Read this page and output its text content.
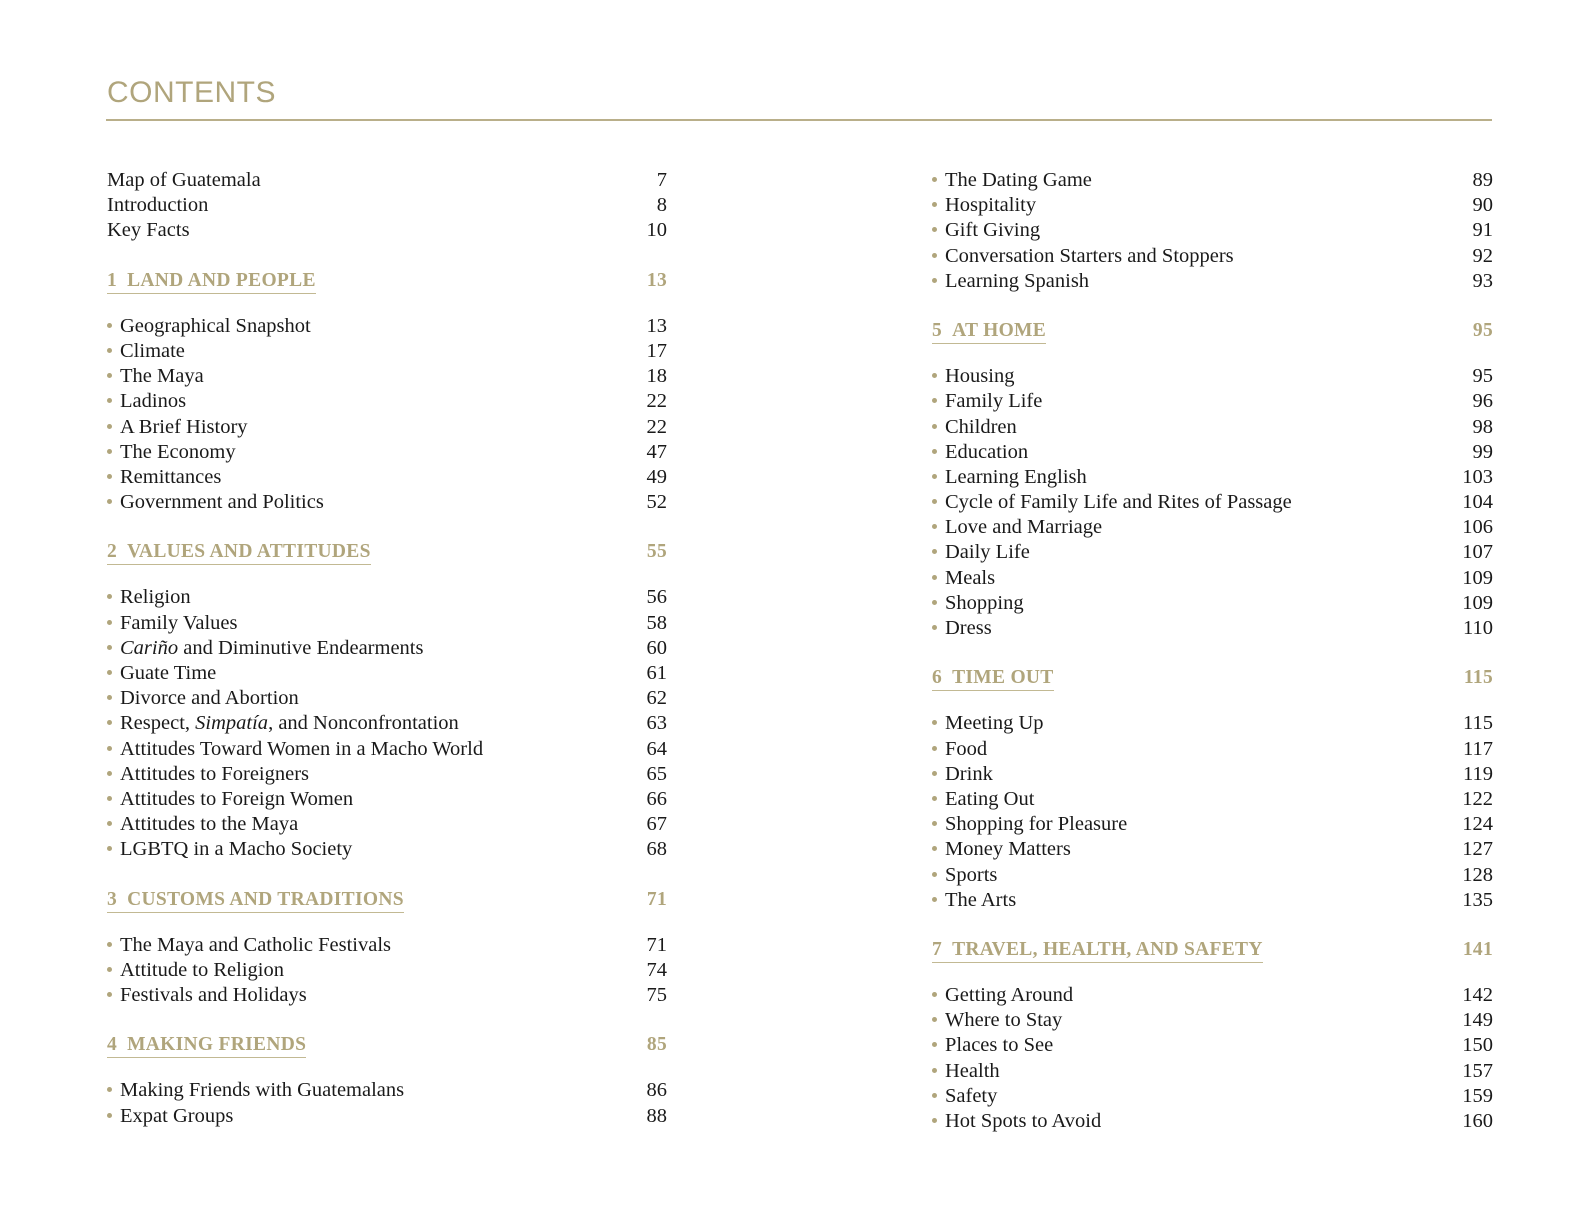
CONTENTS
Map of Guatemala	7
Introduction	8
Key Facts	10
1 LAND AND PEOPLE	13
Geographical Snapshot	13
Climate	17
The Maya	18
Ladinos	22
A Brief History	22
The Economy	47
Remittances	49
Government and Politics	52
2 VALUES AND ATTITUDES	55
Religion	56
Family Values	58
Cariño and Diminutive Endearments	60
Guate Time	61
Divorce and Abortion	62
Respect, Simpatía, and Nonconfrontation	63
Attitudes Toward Women in a Macho World	64
Attitudes to Foreigners	65
Attitudes to Foreign Women	66
Attitudes to the Maya	67
LGBTQ in a Macho Society	68
3 CUSTOMS AND TRADITIONS	71
The Maya and Catholic Festivals	71
Attitude to Religion	74
Festivals and Holidays	75
4 MAKING FRIENDS	85
Making Friends with Guatemalans	86
Expat Groups	88
The Dating Game	89
Hospitality	90
Gift Giving	91
Conversation Starters and Stoppers	92
Learning Spanish	93
5 AT HOME	95
Housing	95
Family Life	96
Children	98
Education	99
Learning English	103
Cycle of Family Life and Rites of Passage	104
Love and Marriage	106
Daily Life	107
Meals	109
Shopping	109
Dress	110
6 TIME OUT	115
Meeting Up	115
Food	117
Drink	119
Eating Out	122
Shopping for Pleasure	124
Money Matters	127
Sports	128
The Arts	135
7 TRAVEL, HEALTH, AND SAFETY	141
Getting Around	142
Where to Stay	149
Places to See	150
Health	157
Safety	159
Hot Spots to Avoid	160
